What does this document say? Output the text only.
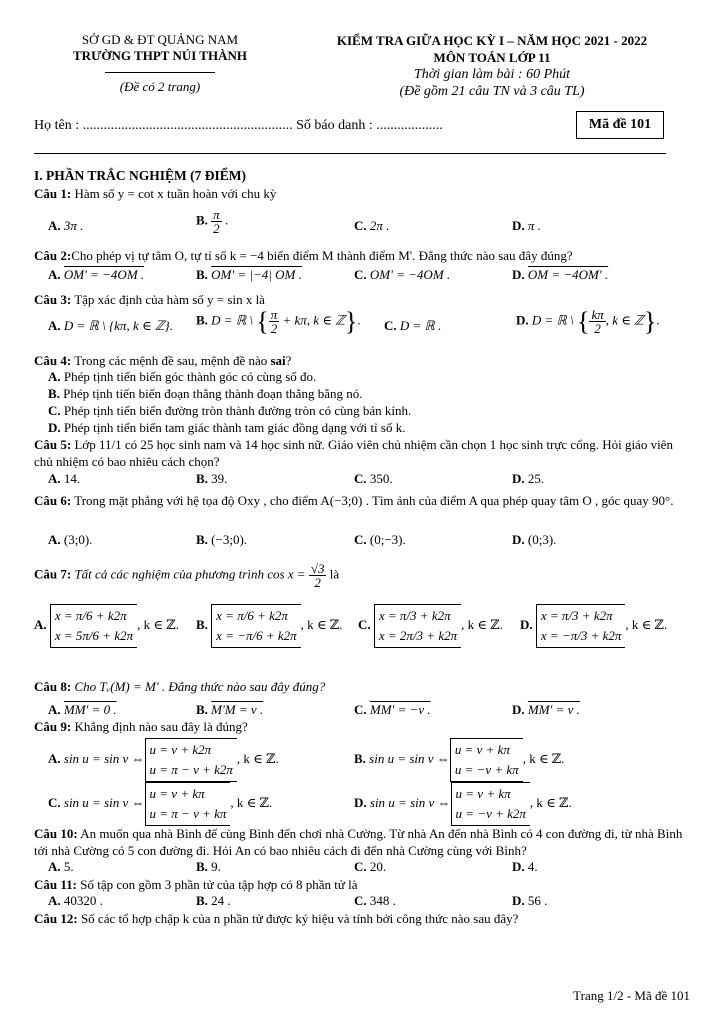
SỞ GD & ĐT QUẢNG NAM
TRƯỜNG THPT NÚI THÀNH
(Đề có 2 trang)
KIỂM TRA GIỮA HỌC KỲ I – NĂM HỌC 2021 - 2022
MÔN TOÁN LỚP 11
Thời gian làm bài : 60 Phút
(Đề gồm 21 câu TN và 3 câu TL)
Họ tên : ............................................................ Số báo danh : ...................	Mã đề 101
I. PHẦN TRẮC NGHIỆM (7 ĐIỂM)
Câu 1: Hàm số y = cot x tuần hoàn với chu kỳ
A. 3π .	B. $\frac{\pi}{2}$ .	C. 2π .	D. π .
Câu 2:Cho phép vị tự tâm O, tự tỉ số k = −4 biến điểm M thành điểm M'. Đẳng thức nào sau đây đúng?
A. OM' = −4OM .	B. OM' = |−4| OM .	C. OM' = −4OM .	D. OM = −4OM' .
Câu 3: Tập xác định của hàm số y = sin x là
A. D = ℝ \ {kπ, k ∈ ℤ}. B. D = ℝ \ { $\frac{\pi}{2} + k\pi$, k ∈ ℤ}. C. D = ℝ .	D. D = ℝ \ { $\frac{k\pi}{2}$ , k ∈ ℤ}.
Câu 4: Trong các mệnh đề sau, mệnh đề nào sai?
A. Phép tịnh tiến biến góc thành góc có cùng số đo.
B. Phép tịnh tiến biến đoạn thẳng thành đoạn thẳng bằng nó.
C. Phép tịnh tiến biến đường tròn thành đường tròn có cùng bán kính.
D. Phép tịnh tiến biến tam giác thành tam giác đồng dạng với tỉ số k.
Câu 5: Lớp 11/1 có 25 học sinh nam và 14 học sinh nữ. Giáo viên chủ nhiệm cần chọn 1 học sinh trực cổng. Hỏi giáo viên chủ nhiệm có bao nhiêu cách chọn?
A. 14.	B. 39.	C. 350.	D. 25.
Câu 6: Trong mặt phẳng với hệ tọa độ Oxy , cho điểm A(−3;0) . Tìm ảnh của điểm A qua phép quay tâm O , góc quay 90°.
A. (3;0).	B. (−3;0).	C. (0;−3).	D. (0;3).
Câu 7: Tất cả các nghiệm của phương trình $\cos x = \frac{√3}{2}$ là
A. x = π/6 + k2π
x = 5π/6 + k2π, k ∈ ℤ. B. x = π/6 + k2π
x = −π/6 + k2π, k ∈ ℤ. C. x = π/3 + k2π
x = 2π/3 + k2π, k ∈ ℤ. D. x = π/3 + k2π
x = −π/3 + k2π, k ∈ ℤ.
Câu 8: Cho Tᵥ(M) = M' . Đẳng thức nào sau đây đúng?
A. MM' = 0 .	B. M'M = v .	C. MM' = −v .	D. MM' = v .
Câu 9: Khẳng định nào sau đây là đúng?
A. sin u = sin v ⇔u = v + k2π
u = π − v + k2π, k ∈ ℤ.	B. sin u = sin v ⇔u = v + kπ
u = −v + kπ, k ∈ ℤ.
C. sin u = sin v ⇔u = v + kπ
u = π − v + kπ, k ∈ ℤ.	D. sin u = sin v ⇔u = v + kπ
u = −v + k2π, k ∈ ℤ.
Câu 10: An muốn qua nhà Bình để cùng Bình đến chơi nhà Cường. Từ nhà An đến nhà Bình có 4 con đường đi, từ nhà Bình tới nhà Cường có 5 con đường đi. Hỏi An có bao nhiêu cách đi đến nhà Cường cùng với Bình?
A. 5.	B. 9.	C. 20.	D. 4.
Câu 11: Số tập con gồm 3 phần tử của tập hợp có 8 phần tử là
A. 40320 .	B. 24 .	C. 348 .	D. 56 .
Câu 12: Số các tổ hợp chập k của n phần tử được ký hiệu và tính bởi công thức nào sau đây?
Trang 1/2 - Mã đề 101
